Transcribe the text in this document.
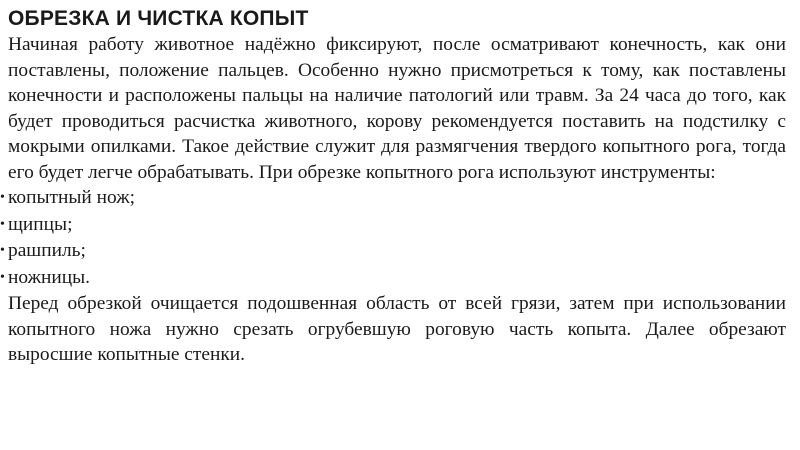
ОБРЕЗКА И ЧИСТКА КОПЫТ

Начиная работу животное надёжно фиксируют, после осматривают конечность, как они поставлены, положение пальцев. Особенно нужно присмотреться к тому, как поставлены конечности и расположены пальцы на наличие патологий или травм. За 24 часа до того, как будет проводиться расчистка животного, корову рекомендуется поставить на подстилку с мокрыми опилками. Такое действие служит для размягчения твердого копытного рога, тогда его будет легче обрабатывать. При обрезке копытного рога используют инструменты:

• копытный нож;
• щипцы;
• рашпиль;
• ножницы.

Перед обрезкой очищается подошвенная область от всей грязи, затем при использовании копытного ножа нужно срезать огрубевшую роговую часть копыта. Далее обрезают выросшие копытные стенки.
